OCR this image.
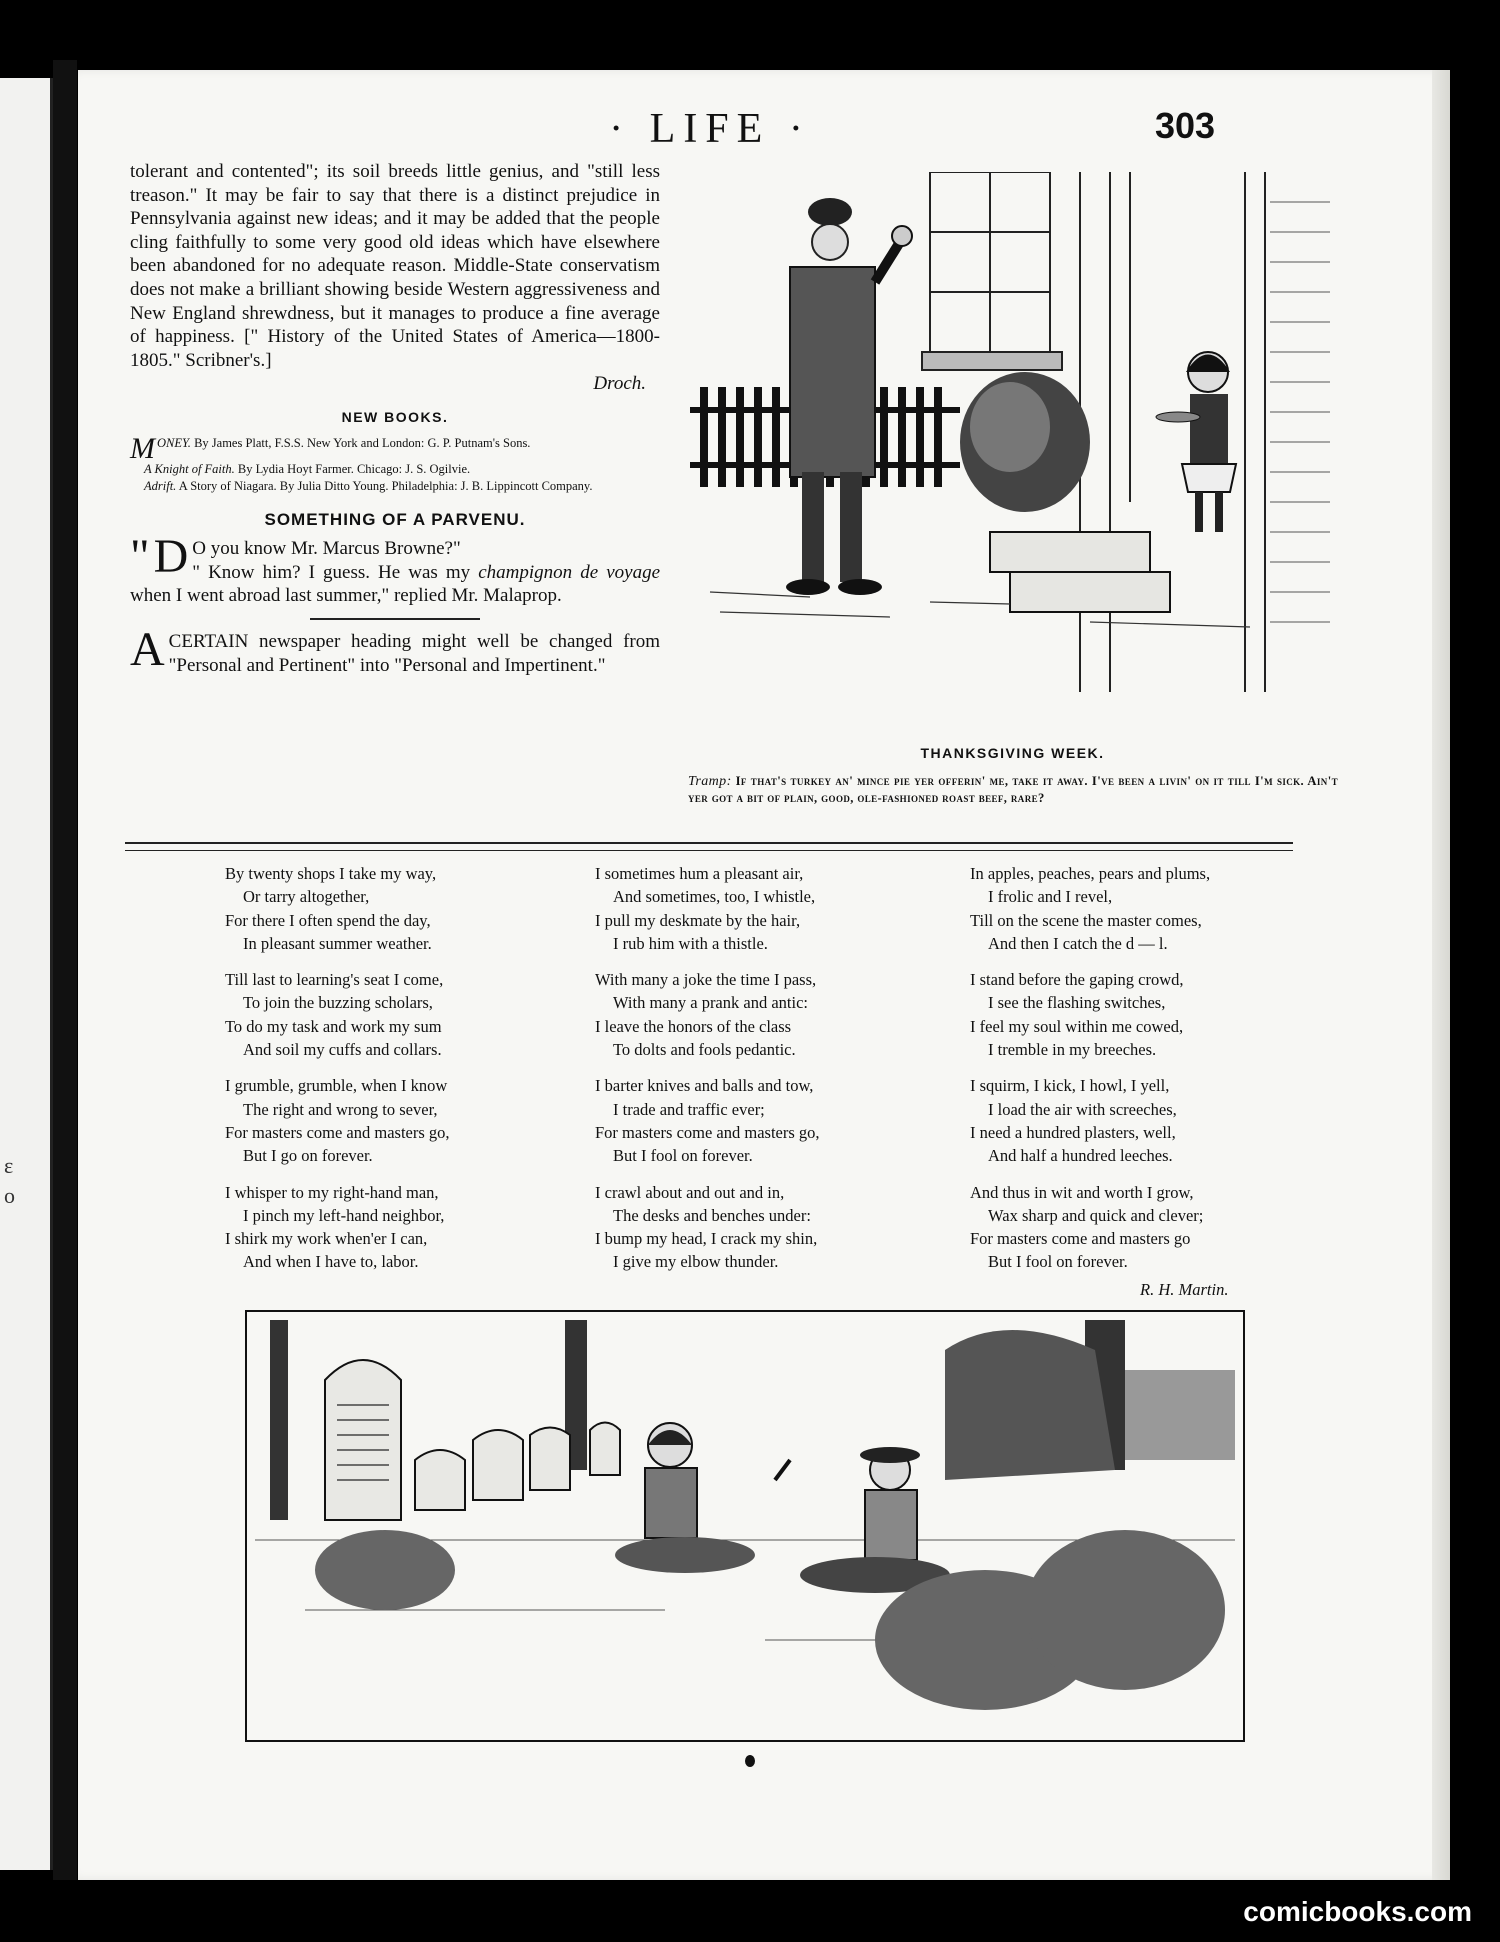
ɛ
o
· LIFE ·	303

tolerant and contented"; its soil breeds little genius, and "still less treason." It may be fair to say that there is a distinct prejudice in Pennsylvania against new ideas; and it may be added that the people cling faithfully to some very good old ideas which have elsewhere been abandoned for no adequate reason. Middle-State conservatism does not make a brilliant showing beside Western aggressiveness and New England shrewdness, but it manages to produce a fine average of happiness. [" History of the United States of America—1800-1805." Scribner's.]

Droch.

NEW BOOKS.

MONEY. By James Platt, F.S.S. New York and London: G. P. Putnam's Sons.

A Knight of Faith. By Lydia Hoyt Farmer. Chicago: J. S. Ogilvie.

Adrift. A Story of Niagara. By Julia Ditto Young. Philadelphia: J. B. Lippincott Company.

SOMETHING OF A PARVENU.

" D O you know Mr. Marcus Browne?"
" Know him? I guess. He was my champignon de voyage when I went abroad last summer," replied Mr. Malaprop.

ACERTAIN newspaper heading might well be changed from "Personal and Pertinent" into "Personal and Impertinent."

THANKSGIVING WEEK.
Tramp: If that's turkey an' mince pie yer offerin' me, take it away. I've been a livin' on it till I'm sick. Ain't yer got a bit of plain, good, ole-fashioned roast beef, rare?
By twenty shops I take my way,
Or tarry altogether,
For there I often spend the day,
In pleasant summer weather.
Till last to learning's seat I come,
To join the buzzing scholars,
To do my task and work my sum
And soil my cuffs and collars.
I grumble, grumble, when I know
The right and wrong to sever,
For masters come and masters go,
But I go on forever.
I whisper to my right-hand man,
I pinch my left-hand neighbor,
I shirk my work when'er I can,
And when I have to, labor.
I sometimes hum a pleasant air,
And sometimes, too, I whistle,
I pull my deskmate by the hair,
I rub him with a thistle.
With many a joke the time I pass,
With many a prank and antic:
I leave the honors of the class
To dolts and fools pedantic.
I barter knives and balls and tow,
I trade and traffic ever;
For masters come and masters go,
But I fool on forever.
I crawl about and out and in,
The desks and benches under:
I bump my head, I crack my shin,
I give my elbow thunder.
In apples, peaches, pears and plums,
I frolic and I revel,
Till on the scene the master comes,
And then I catch the d — l.
I stand before the gaping crowd,
I see the flashing switches,
I feel my soul within me cowed,
I tremble in my breeches.
I squirm, I kick, I howl, I yell,
I load the air with screeches,
I need a hundred plasters, well,
And half a hundred leeches.
And thus in wit and worth I grow,
Wax sharp and quick and clever;
For masters come and masters go
But I fool on forever.
R. H. Martin.
comicbooks.com
